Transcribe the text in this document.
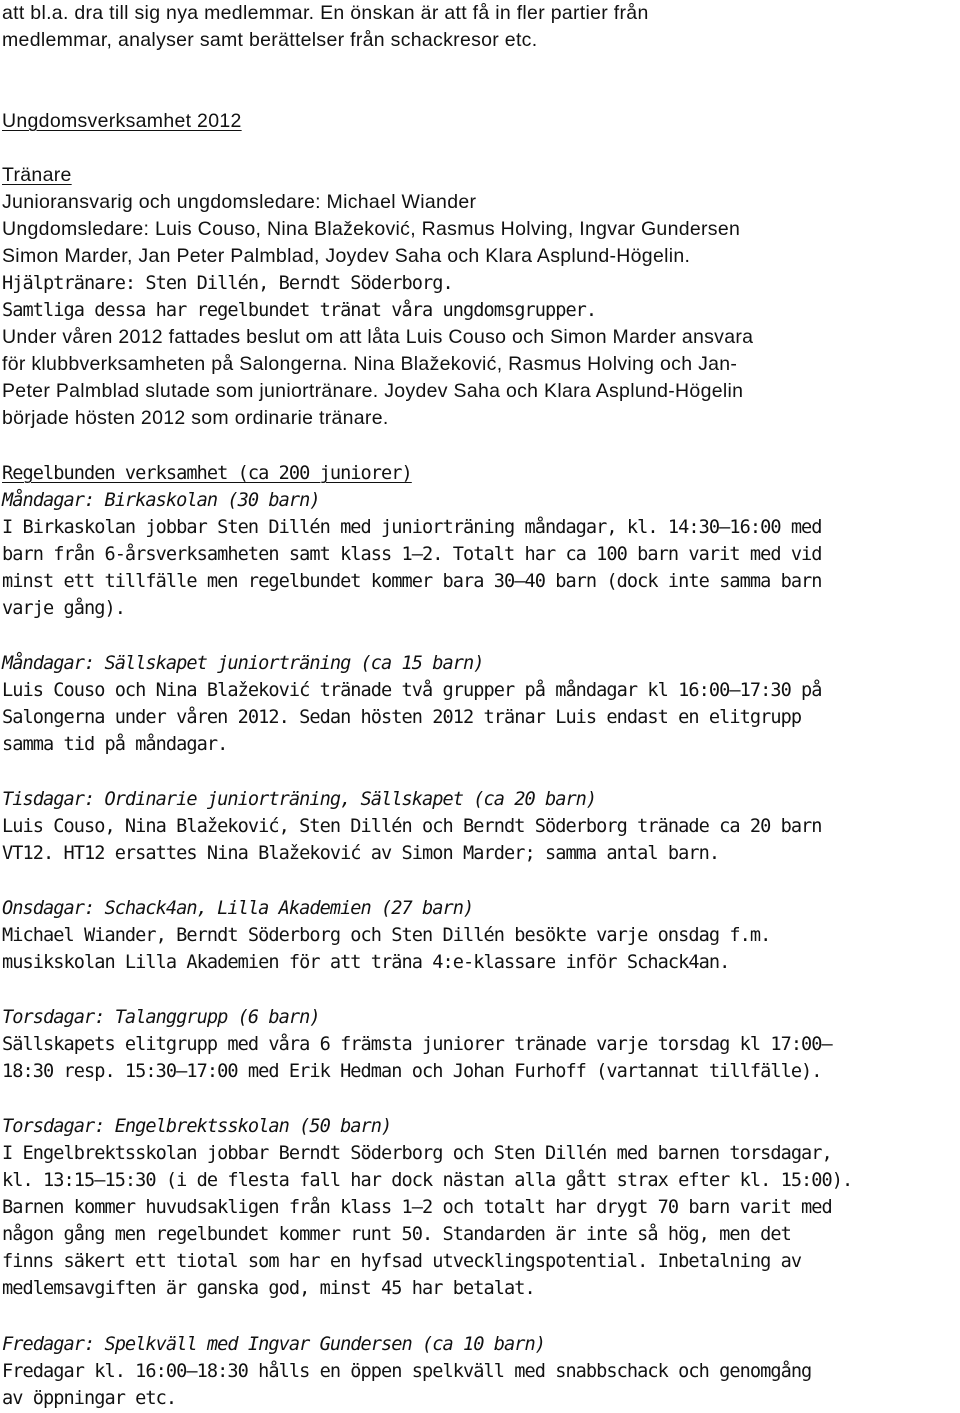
att bl.a. dra till sig nya medlemmar. En önskan är att få in fler partier från
medlemmar, analyser samt berättelser från schackresor etc.
Ungdomsverksamhet 2012
Tränare
Junioransvarig och ungdomsledare: Michael Wiander
Ungdomsledare: Luis Couso, Nina Blažeković, Rasmus Holving, Ingvar Gundersen
Simon Marder, Jan Peter Palmblad, Joydev Saha och Klara Asplund-Högelin.
Hjälptränare: Sten Dillén, Berndt Söderborg.
Samtliga dessa har regelbundet tränat våra ungdomsgrupper.
Under våren 2012 fattades beslut om att låta Luis Couso och Simon Marder ansvara
för klubbverksamheten på Salongerna. Nina Blažeković, Rasmus Holving och Jan-
Peter Palmblad slutade som juniortränare. Joydev Saha och Klara Asplund-Högelin
började hösten 2012 som ordinarie tränare.
Regelbunden verksamhet (ca 200 juniorer)
Måndagar: Birkaskolan (30 barn)
I Birkaskolan jobbar Sten Dillén med juniorträning måndagar, kl. 14:30—16:00 med
barn från 6-årsverksamheten samt klass 1—2. Totalt har ca 100 barn varit med vid
minst ett tillfälle men regelbundet kommer bara 30—40 barn (dock inte samma barn
varje gång).
Måndagar: Sällskapet juniorträning (ca 15 barn)
Luis Couso och Nina Blažeković tränade två grupper på måndagar kl 16:00—17:30 på
Salongerna under våren 2012. Sedan hösten 2012 tränar Luis endast en elitgrupp
samma tid på måndagar.
Tisdagar: Ordinarie juniorträning, Sällskapet (ca 20 barn)
Luis Couso, Nina Blažeković, Sten Dillén och Berndt Söderborg tränade ca 20 barn
VT12. HT12 ersattes Nina Blažeković av Simon Marder; samma antal barn.
Onsdagar: Schack4an, Lilla Akademien (27 barn)
Michael Wiander, Berndt Söderborg och Sten Dillén besökte varje onsdag f.m.
musikskolan Lilla Akademien för att träna 4:e-klassare inför Schack4an.
Torsdagar: Talanggrupp (6 barn)
Sällskapets elitgrupp med våra 6 främsta juniorer tränade varje torsdag kl 17:00—
18:30 resp. 15:30—17:00 med Erik Hedman och Johan Furhoff (vartannat tillfälle).
Torsdagar: Engelbrektsskolan (50 barn)
I Engelbrektsskolan jobbar Berndt Söderborg och Sten Dillén med barnen torsdagar,
kl. 13:15—15:30 (i de flesta fall har dock nästan alla gått strax efter kl. 15:00).
Barnen kommer huvudsakligen från klass 1—2 och totalt har drygt 70 barn varit med
någon gång men regelbundet kommer runt 50. Standarden är inte så hög, men det
finns säkert ett tiotal som har en hyfsad utvecklingspotential. Inbetalning av
medlemsavgiften är ganska god, minst 45 har betalat.
Fredagar: Spelkväll med Ingvar Gundersen (ca 10 barn)
Fredagar kl. 16:00—18:30 hålls en öppen spelkväll med snabbschack och genomgång
av öppningar etc.
